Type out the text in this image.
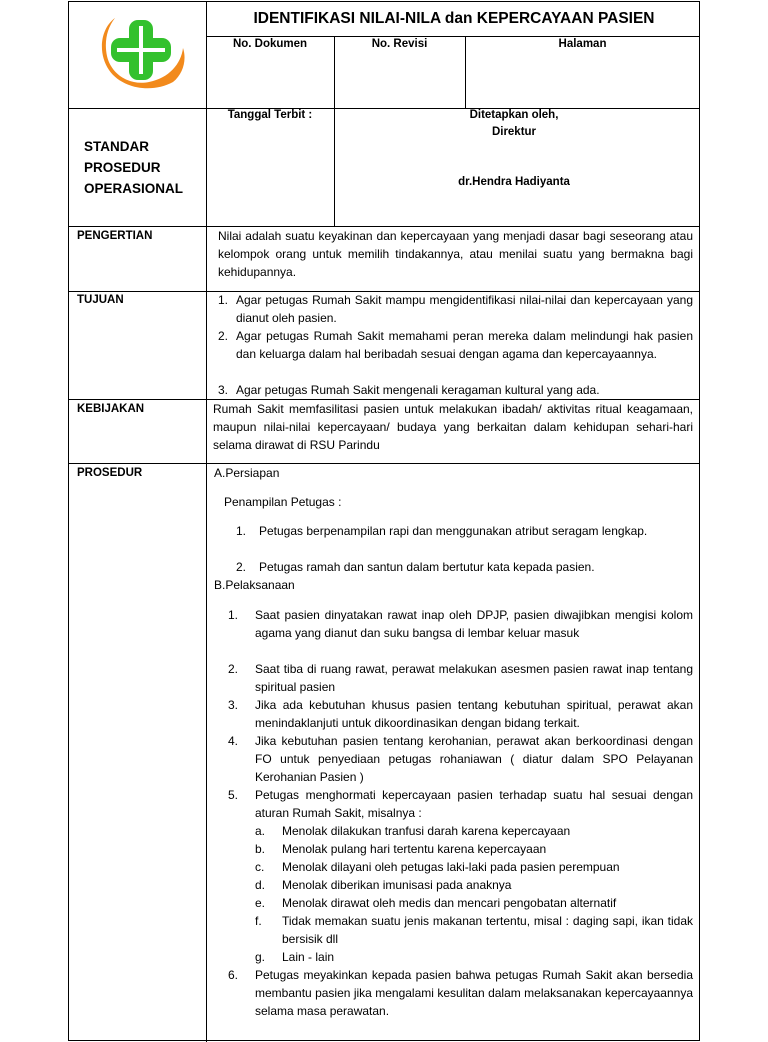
IDENTIFIKASI NILAI-NILA dan KEPERCAYAAN PASIEN
No. Dokumen	No. Revisi	Halaman
STANDAR
PROSEDUR
OPERASIONAL
Tanggal Terbit :	Ditetapkan oleh,
Direktur
dr.Hendra Hadiyanta
PENGERTIAN	Nilai adalah suatu keyakinan dan kepercayaan yang menjadi dasar bagi seseorang atau kelompok orang untuk memilih tindakannya, atau menilai suatu yang bermakna bagi kehidupannya.
TUJUAN	1. Agar petugas Rumah Sakit mampu mengidentifikasi nilai-nilai dan kepercayaan yang dianut oleh pasien.
2. Agar petugas Rumah Sakit memahami peran mereka dalam melindungi hak pasien dan keluarga dalam hal beribadah sesuai dengan agama dan kepercayaannya.
3. Agar petugas Rumah Sakit mengenali keragaman kultural yang ada.
KEBIJAKAN	Rumah Sakit memfasilitasi pasien untuk melakukan ibadah/ aktivitas ritual keagamaan, maupun nilai-nilai kepercayaan/ budaya yang berkaitan dalam kehidupan sehari-hari selama dirawat di RSU Parindu
PROSEDUR	A.Persiapan
Penampilan Petugas :
1. Petugas berpenampilan rapi dan menggunakan atribut seragam lengkap.
2. Petugas ramah dan santun dalam bertutur kata kepada pasien.
B.Pelaksanaan
1. Saat pasien dinyatakan rawat inap oleh DPJP, pasien diwajibkan mengisi kolom agama yang dianut dan suku bangsa di lembar keluar masuk
2. Saat tiba di ruang rawat, perawat melakukan asesmen pasien rawat inap tentang spiritual pasien
3. Jika ada kebutuhan khusus pasien tentang kebutuhan spiritual, perawat akan menindaklanjuti untuk dikoordinasikan dengan bidang terkait.
4. Jika kebutuhan pasien tentang kerohanian, perawat akan berkoordinasi dengan FO untuk penyediaan petugas rohaniawan ( diatur dalam SPO Pelayanan Kerohanian Pasien )
5. Petugas menghormati kepercayaan pasien terhadap suatu hal sesuai dengan aturan Rumah Sakit, misalnya :
a. Menolak dilakukan tranfusi darah karena kepercayaan
b. Menolak pulang hari tertentu karena kepercayaan
c. Menolak dilayani oleh petugas laki-laki pada pasien perempuan
d. Menolak diberikan imunisasi pada anaknya
e. Menolak dirawat oleh medis dan mencari pengobatan alternatif
f. Tidak memakan suatu jenis makanan tertentu, misal : daging sapi, ikan tidak bersisik dll
g. Lain - lain
6. Petugas meyakinkan kepada pasien bahwa petugas Rumah Sakit akan bersedia membantu pasien jika mengalami kesulitan dalam melaksanakan kepercayaannya selama masa perawatan.
